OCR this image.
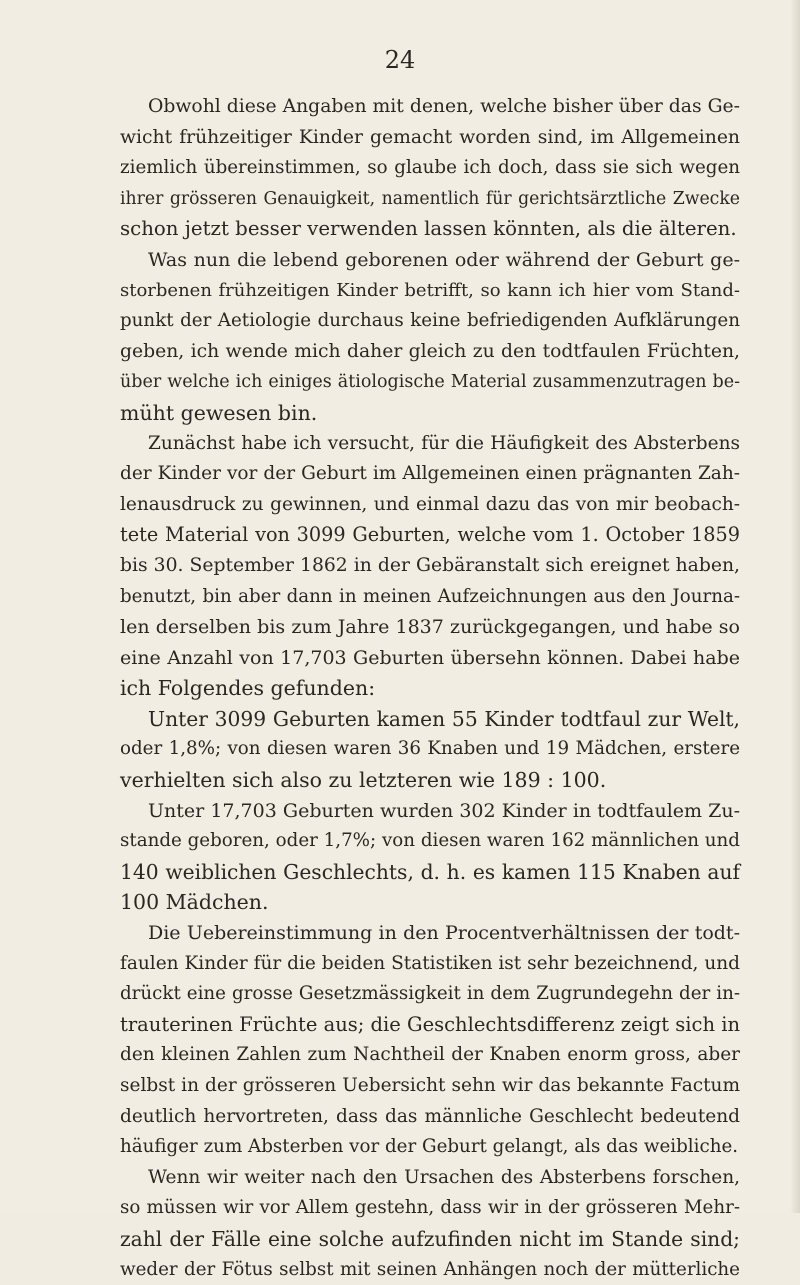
24
Obwohl diese Angaben mit denen, welche bisher über das Ge-
wicht frühzeitiger Kinder gemacht worden sind, im Allgemeinen
ziemlich übereinstimmen, so glaube ich doch, dass sie sich wegen
ihrer grösseren Genauigkeit, namentlich für gerichtsärztliche Zwecke
schon jetzt besser verwenden lassen könnten, als die älteren.
Was nun die lebend geborenen oder während der Geburt ge-
storbenen frühzeitigen Kinder betrifft, so kann ich hier vom Stand-
punkt der Aetiologie durchaus keine befriedigenden Aufklärungen
geben, ich wende mich daher gleich zu den todtfaulen Früchten,
über welche ich einiges ätiologische Material zusammenzutragen be-
müht gewesen bin.
Zunächst habe ich versucht, für die Häufigkeit des Absterbens
der Kinder vor der Geburt im Allgemeinen einen prägnanten Zah-
lenausdruck zu gewinnen, und einmal dazu das von mir beobach-
tete Material von 3099 Geburten, welche vom 1. October 1859
bis 30. September 1862 in der Gebäranstalt sich ereignet haben,
benutzt, bin aber dann in meinen Aufzeichnungen aus den Journa-
len derselben bis zum Jahre 1837 zurückgegangen, und habe so
eine Anzahl von 17,703 Geburten übersehn können. Dabei habe
ich Folgendes gefunden:
Unter 3099 Geburten kamen 55 Kinder todtfaul zur Welt,
oder 1,8%; von diesen waren 36 Knaben und 19 Mädchen, erstere
verhielten sich also zu letzteren wie 189 : 100.
Unter 17,703 Geburten wurden 302 Kinder in todtfaulem Zu-
stande geboren, oder 1,7%; von diesen waren 162 männlichen und
140 weiblichen Geschlechts, d. h. es kamen 115 Knaben auf
100 Mädchen.
Die Uebereinstimmung in den Procentverhältnissen der todt-
faulen Kinder für die beiden Statistiken ist sehr bezeichnend, und
drückt eine grosse Gesetzmässigkeit in dem Zugrundegehn der in-
trauterinen Früchte aus; die Geschlechtsdifferenz zeigt sich in
den kleinen Zahlen zum Nachtheil der Knaben enorm gross, aber
selbst in der grösseren Uebersicht sehn wir das bekannte Factum
deutlich hervortreten, dass das männliche Geschlecht bedeutend
häufiger zum Absterben vor der Geburt gelangt, als das weibliche.
Wenn wir weiter nach den Ursachen des Absterbens forschen,
so müssen wir vor Allem gestehn, dass wir in der grösseren Mehr-
zahl der Fälle eine solche aufzufinden nicht im Stande sind;
weder der Fötus selbst mit seinen Anhängen noch der mütterliche
